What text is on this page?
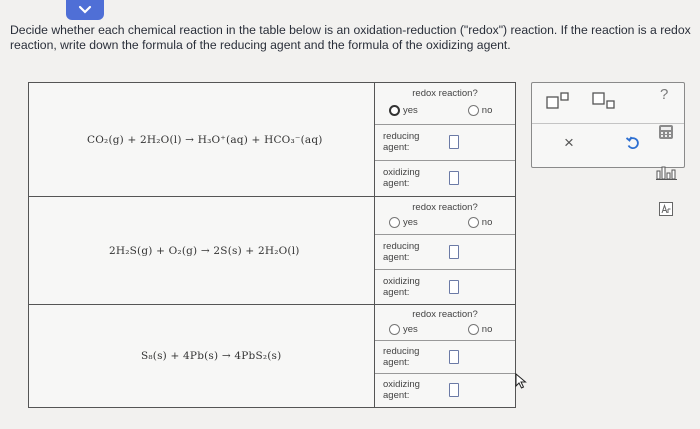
Decide whether each chemical reaction in the table below is an oxidation-reduction ("redox") reaction. If the reaction is a redox reaction, write down the formula of the reducing agent and the formula of the oxidizing agent.

CO₂(g) + 2H₂O(l) → H₃O⁺(aq) + HCO₃⁻(aq)
redox reaction?
yes	no
reducing
agent:
oxidizing
agent:
2H₂S(g) + O₂(g) → 2S(s) + 2H₂O(l)
redox reaction?
yes	no
reducing
agent:
oxidizing
agent:
S₈(s) + 4Pb(s) → 4PbS₂(s)
redox reaction?
yes	no
reducing
agent:
oxidizing
agent:
×
?
